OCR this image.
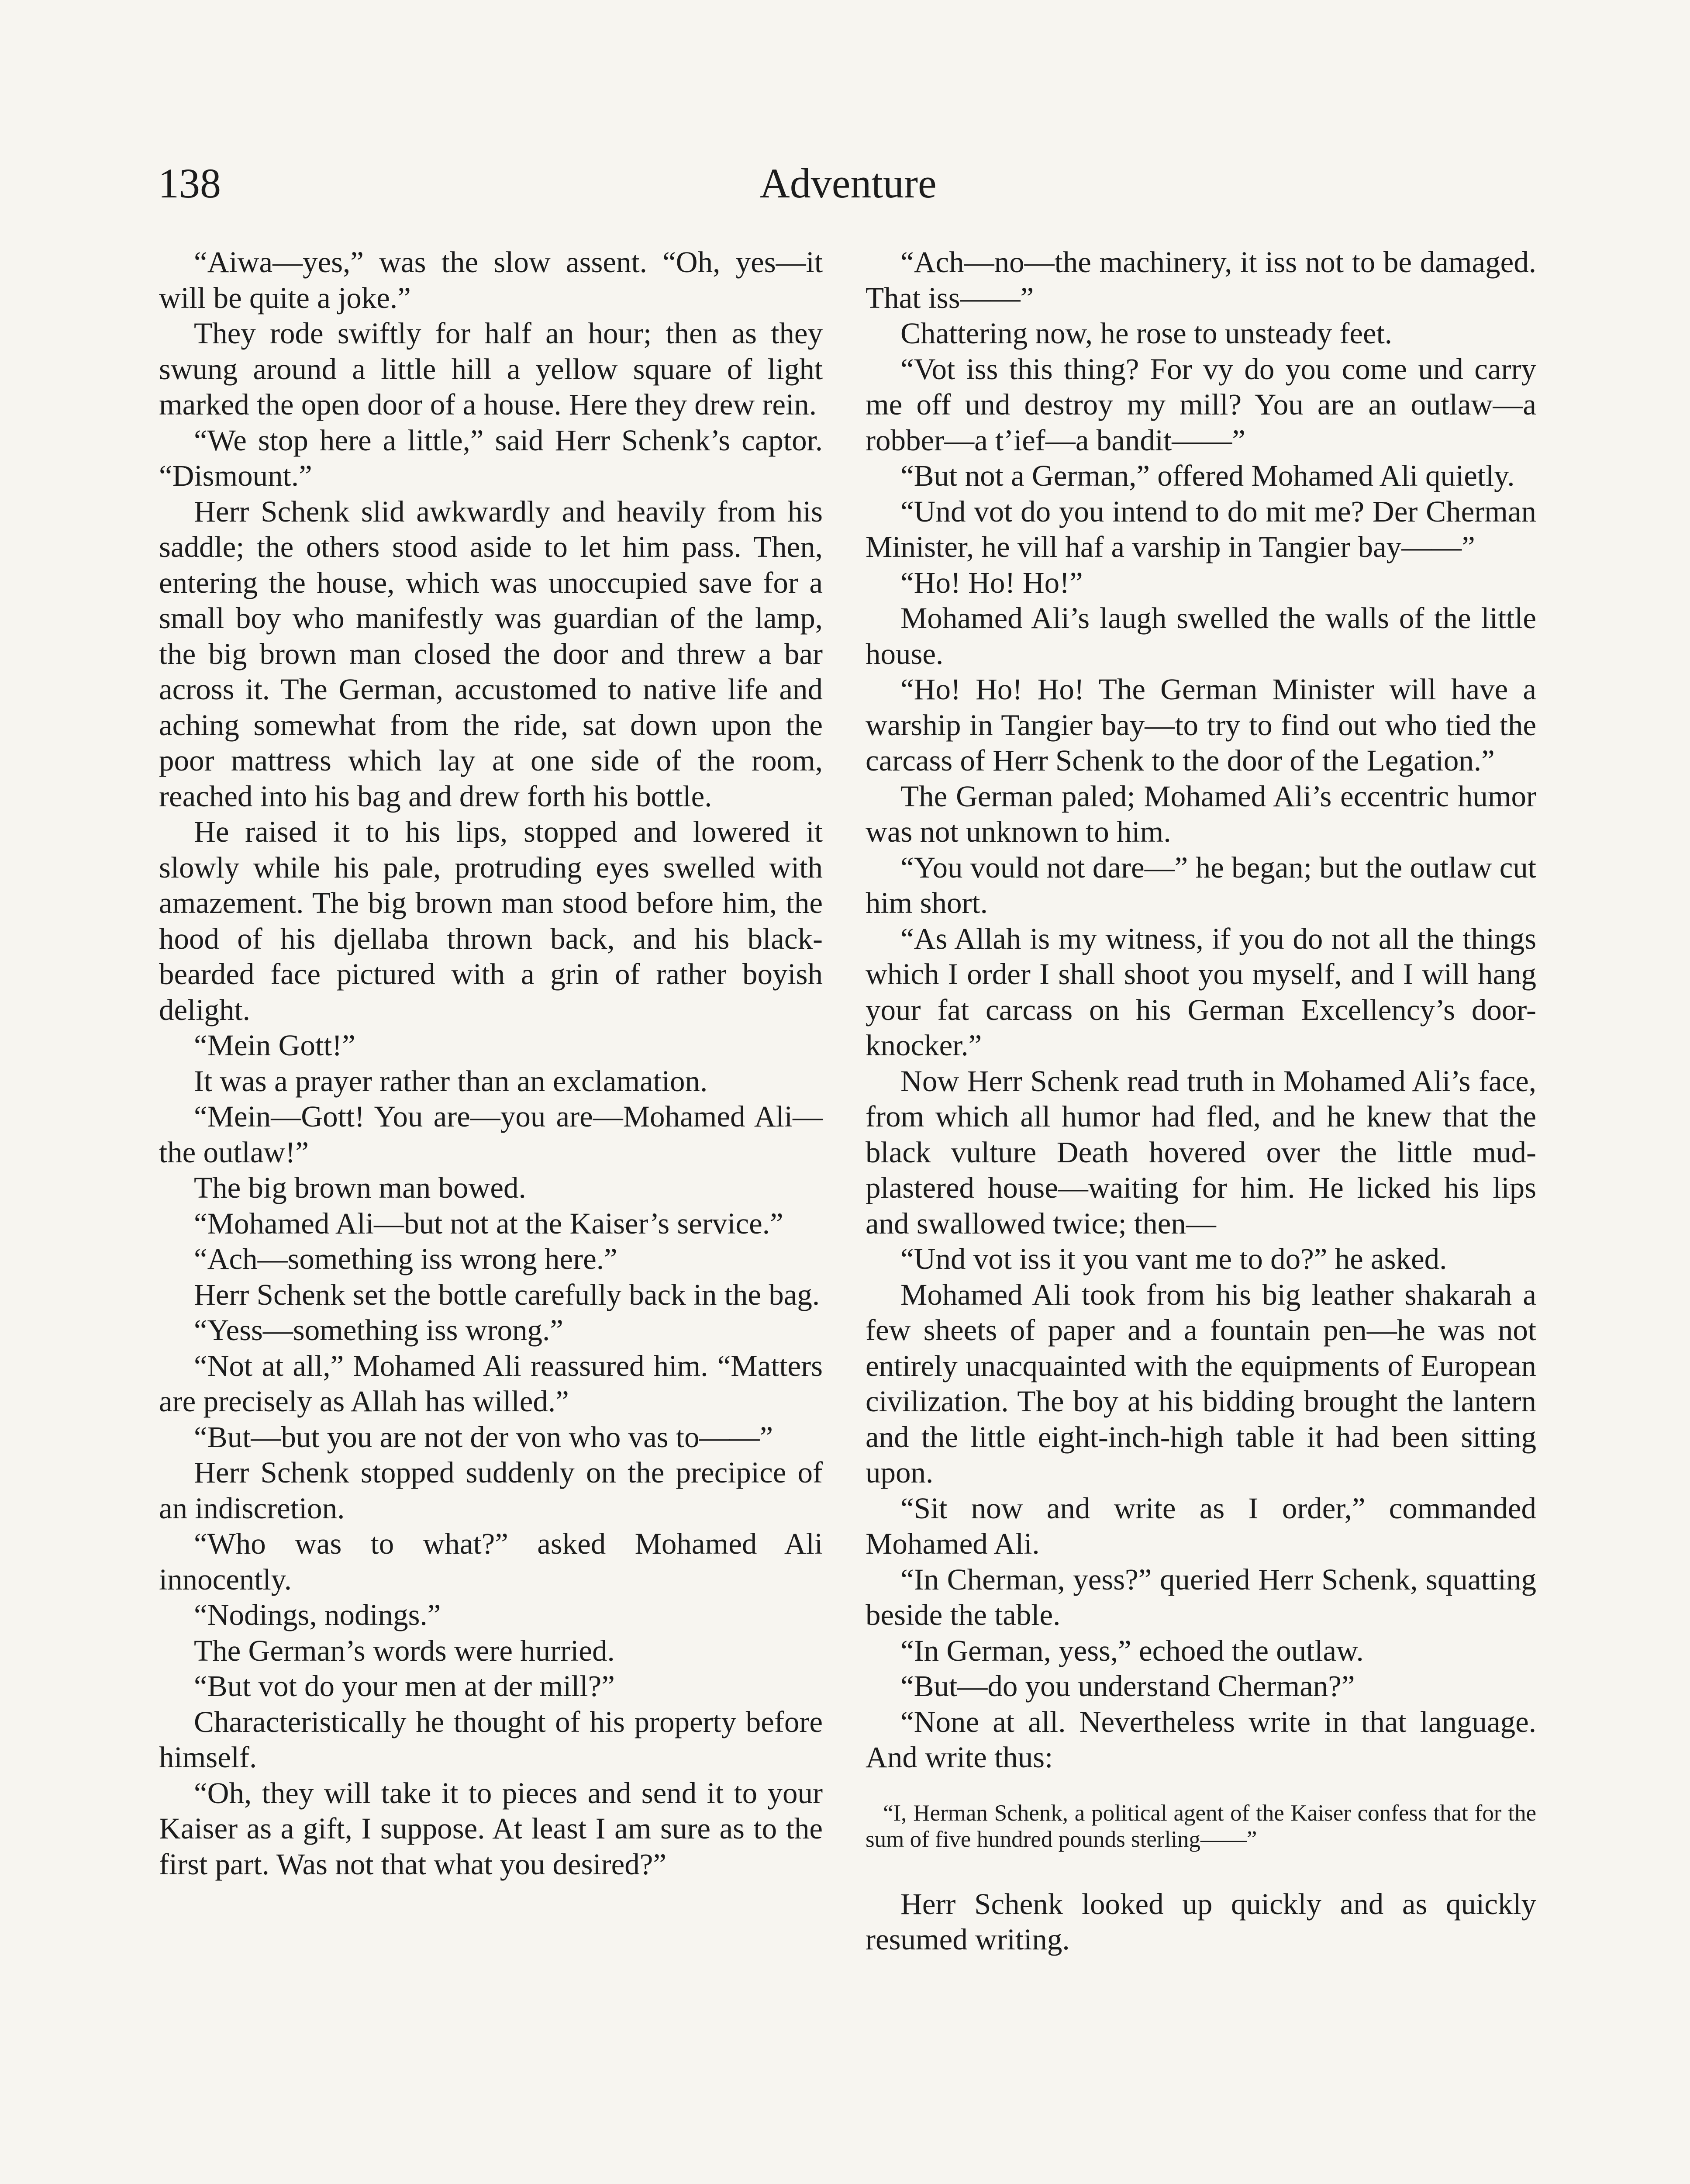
138	Adventure

“Aiwa—yes,” was the slow assent. “Oh, yes—it will be quite a joke.”

They rode swiftly for half an hour; then as they swung around a little hill a yellow square of light marked the open door of a house. Here they drew rein.

“We stop here a little,” said Herr Schenk’s captor. “Dismount.”

Herr Schenk slid awkwardly and heavily from his saddle; the others stood aside to let him pass. Then, entering the house, which was unoccupied save for a small boy who manifestly was guardian of the lamp, the big brown man closed the door and threw a bar across it. The German, accustomed to native life and aching somewhat from the ride, sat down upon the poor mattress which lay at one side of the room, reached into his bag and drew forth his bottle.

He raised it to his lips, stopped and lowered it slowly while his pale, protruding eyes swelled with amazement. The big brown man stood before him, the hood of his djellaba thrown back, and his black-bearded face pictured with a grin of rather boyish delight.

“Mein Gott!”

It was a prayer rather than an exclamation.

“Mein—Gott! You are—you are—Mohamed Ali—the outlaw!”

The big brown man bowed.

“Mohamed Ali—but not at the Kaiser’s service.”

“Ach—something iss wrong here.”

Herr Schenk set the bottle carefully back in the bag.

“Yess—something iss wrong.”

“Not at all,” Mohamed Ali reassured him. “Matters are precisely as Allah has willed.”

“But—but you are not der von who vas to——”

Herr Schenk stopped suddenly on the precipice of an indiscretion.

“Who was to what?” asked Mohamed Ali innocently.

“Nodings, nodings.”

The German’s words were hurried.

“But vot do your men at der mill?”

Characteristically he thought of his property before himself.

“Oh, they will take it to pieces and send it to your Kaiser as a gift, I suppose. At least I am sure as to the first part. Was not that what you desired?”

“Ach—no—the machinery, it iss not to be damaged. That iss——”

Chattering now, he rose to unsteady feet.

“Vot iss this thing? For vy do you come und carry me off und destroy my mill? You are an outlaw—a robber—a t’ief—a bandit——”

“But not a German,” offered Mohamed Ali quietly.

“Und vot do you intend to do mit me? Der Cherman Minister, he vill haf a varship in Tangier bay——”

“Ho! Ho! Ho!”

Mohamed Ali’s laugh swelled the walls of the little house.

“Ho! Ho! Ho! The German Minister will have a warship in Tangier bay—to try to find out who tied the carcass of Herr Schenk to the door of the Legation.”

The German paled; Mohamed Ali’s eccentric humor was not unknown to him.

“You vould not dare—” he began; but the outlaw cut him short.

“As Allah is my witness, if you do not all the things which I order I shall shoot you myself, and I will hang your fat carcass on his German Excellency’s door-knocker.”

Now Herr Schenk read truth in Mohamed Ali’s face, from which all humor had fled, and he knew that the black vulture Death hovered over the little mud-plastered house—waiting for him. He licked his lips and swallowed twice; then—

“Und vot iss it you vant me to do?” he asked.

Mohamed Ali took from his big leather shakarah a few sheets of paper and a fountain pen—he was not entirely unacquainted with the equipments of European civilization. The boy at his bidding brought the lantern and the little eight-inch-high table it had been sitting upon.

“Sit now and write as I order,” commanded Mohamed Ali.

“In Cherman, yess?” queried Herr Schenk, squatting beside the table.

“In German, yess,” echoed the outlaw.

“But—do you understand Cherman?”

“None at all. Nevertheless write in that language. And write thus:

“I, Herman Schenk, a political agent of the Kaiser confess that for the sum of five hundred pounds sterling——”

Herr Schenk looked up quickly and as quickly resumed writing.
